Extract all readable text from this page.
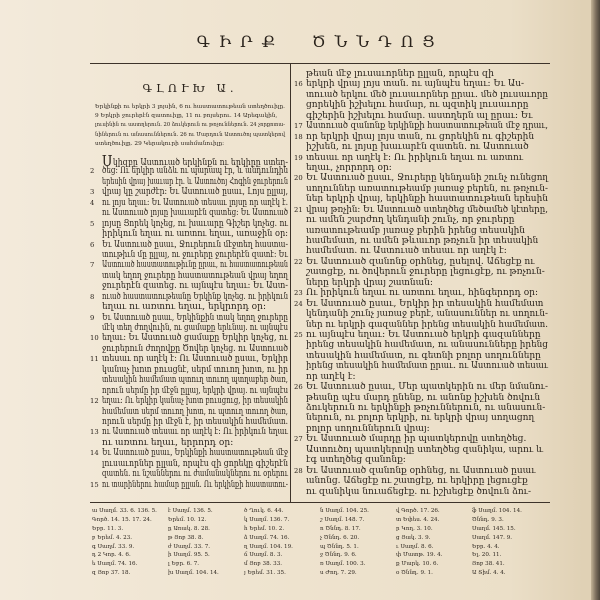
ԳԻՐՔ ԾՆՆԴՈՑ
ԳԼՈՒԽ Ա.
Երկինքի ու երկրի 3 լոյսին, 6 ու հաստատութեան ստեղծուիլը.
9 Երկրի ջուրերէն զատուիլը, 11 ու բոյսերու. 14 Արեգակին,
լուսինին ու աստղերուն. 20 ձուկերուն ու թռչուններուն. 24 չորքոտա-
նիներուն ու անասուններուն. 26 ու Մարդուն Աստուծոյ պատկերով
ստեղծուիլը. 29 Կերակուրի սահմանուիլը:
Սկիզբը Աստուած երկինքն ու երկիրը ստեղ-
2 ծեց: Ու երկիր անձև ու պարապ էր, և անդունդին
երեսին վրայ խաւար էր. և Աստուծոյ Հոգին ջուրերուն
3 վրայ կը շարժէր: Եւ Աստուած ըսաւ, Լոյս ըլլայ,
4 ու լոյս եղաւ: Եւ Աստուած տեսաւ լոյսը որ աղէկ է.
ու Աստուած լոյսը խաւարէն զատեց: Եւ Աստուած
5 լոյսը Ցորեկ կոչեց, ու խաւարը Գիշեր կոչեց. ու
իրիկուն եղաւ ու առտու եղաւ, առաջին օր:
6 Եւ Աստուած ըսաւ, Ջուրերուն մէջտեղ հաստա-
տութիւն մը ըլլայ, ու ջուրերը ջուրերէն զատէ: Եւ
7 Աստուած հաստատութիւնը ըրաւ, ու հաստատութեան
տակ եղող ջուրերը հաստատութեան վրայ եղող
ջուրերէն զատեց. ու այնպէս եղաւ: Եւ Աստ-
8 ուած հաստատութեանը Երկինք կոչեց. ու իրիկուն
եղաւ ու առտու եղաւ, երկրորդ օր:
9 Եւ Աստուած ըսաւ, Երկինքին տակ եղող ջուրերը
մէկ տեղ ժողվուին, ու ցամաքը երևնայ. ու այնպէս
10 եղաւ: Եւ Աստուած ցամաքը Երկիր կոչեց, ու
ջուրերուն ժողովքը Ծովեր կոչեց. ու Աստուած
11 տեսաւ որ աղէկ է: Ու Աստուած ըսաւ, Երկիր
կանաչ խոտ բուսցնէ, սերմ տուող խոտ, ու իր
տեսակին համեմատ պտուղ տուող պտղաբեր ծառ,
որուն սերմը իր մէջն ըլլայ, երկրի վրայ. ու այնպէս
12 եղաւ: Ու երկիր կանաչ խոտ բուսցուց, իր տեսակին
համեմատ սերմ տուող խոտ, ու պտուղ տուող ծառ,
որուն սերմը իր մէջն է, իր տեսակին համեմատ.
13 ու Աստուած տեսաւ որ աղէկ է: Ու իրիկուն եղաւ
ու առտու եղաւ, երրորդ օր:
14 Եւ Աստուած ըսաւ, Երկինքի հաստատութեան մէջ
լուսաւորներ ըլլան, որպէս զի ցորեկը գիշերէն
զատեն. ու նշաններու ու ժամանակներու ու օրերու
15 ու տարիներու համար ըլլան. Ու երկինքի հաստատու-
թեան մէջ լուսաւորներ ըլլան, որպէս զի
16 երկրի վրայ լոյս տան. ու այնպէս եղաւ: Եւ Աս-
տուած երկու մեծ լուսաւորներ ըրաւ. մեծ լուսաւորը
ցորեկին իշխելու համար, ու պզտիկ լուսաւորը
գիշերին իշխելու համար. աստղերն ալ ըրաւ: Եւ
17 Աստուած զանոնք երկինքի հաստատութեան մէջ դրաւ,
18 որ երկրի վրայ լոյս տան, ու ցորեկին ու գիշերին
իշխեն, ու լոյսը խաւարէն զատեն. ու Աստուած
19 տեսաւ որ աղէկ է: Ու իրիկուն եղաւ ու առտու
եղաւ, չորրորդ օր:
20 Եւ Աստուած ըսաւ, Ջուրերը կենդանի շունչ ունեցող
սողուններ առատութեամբ յառաջ բերեն, ու թռչուն-
ներ երկրի վրայ, երկինքի հաստատութեան երեսին
21 վրայ թռչին: Եւ Աստուած ստեղծեց մեծամեծ կէտերը,
ու ամեն շարժող կենդանի շունչ, որ ջուրերը
առատութեամբ յառաջ բերին իրենց տեսակին
համեմատ, ու ամեն թևաւոր թռչուն իր տեսակին
համեմատ. ու Աստուած տեսաւ որ աղէկ է:
22 Եւ Աստուած զանոնք օրհնեց, ըսելով. Աճեցէք ու
շատցէք, ու ծովերուն ջուրերը լեցուցէք, ու թռչուն-
ները երկրի վրայ շատնան:
23 Ու իրիկուն եղաւ ու առտու եղաւ, հինգերորդ օր:
24 Եւ Աստուած ըսաւ, Երկիր իր տեսակին համեմատ
կենդանի շունչ յառաջ բերէ, անասուններ ու սողուն-
ներ ու երկրի գազաններ իրենց տեսակին համեմատ.
25 ու այնպէս եղաւ: Եւ Աստուած երկրի գազանները
իրենց տեսակին համեմատ, ու անասունները իրենց
տեսակին համեմատ, ու գետնի բոլոր սողունները
իրենց տեսակին համեմատ ըրաւ. ու Աստուած տեսաւ
որ աղէկ է:
26 Եւ Աստուած ըսաւ, Մեր պատկերին ու մեր նմանու-
թեանը պէս մարդ ընենք, ու անոնք իշխեն ծովուն
ձուկերուն ու երկինքի թռչուններուն, ու անասուն-
ներուն, ու բոլոր երկրի, ու երկրի վրայ սողացող
բոլոր սողուններուն վրայ:
27 Եւ Աստուած մարդը իր պատկերովը ստեղծեց.
Աստուծոյ պատկերովը ստեղծեց զանիկա, արու և
էգ ստեղծեց զանոնք:
28 Եւ Աստուած զանոնք օրհնեց, ու Աստուած ըսաւ
անոնց. Աճեցէք ու շատցէք, ու երկիրը լեցուցէք
ու զանիկա նուաճեցէք. ու իշխեցէք ծովուն ձու-
ա Սաղմ. 33. 6. 136. 5.
Գործ. 14. 15. 17. 24.
Եբր. 11. 3.
բ Երեմ. 4. 23.
գ Սաղմ. 33. 9.
դ 2 Կոր. 4. 6.
ե Սաղմ. 74. 16.
զ Յոբ 37. 18.
է Սաղմ. 136. 5.
Երեմ. 10. 12.
ը Առակ. 8. 28.
թ Յոբ 38. 8.
ժ Սաղմ. 33. 7.
ի Սաղմ. 95. 5.
լ Եբր. 6. 7.
խ Սաղմ. 104. 14.
ծ Ղուկ. 6. 44.
կ Սաղմ. 136. 7.
հ Երեմ. 10. 2.
ձ Սաղմ. 74. 16.
ղ Սաղմ. 104. 19.
ճ Սաղմ. 8. 3.
մ Յոբ 38. 33.
յ Երեմ. 31. 35.
ն Սաղմ. 104. 25.
շ Սաղմ. 148. 7.
ո Ծննդ. 8. 17.
չ Ծննդ. 6. 20.
պ Ծննդ. 5. 1.
ջ Ծննդ. 9. 6.
ռ Սաղմ. 100. 3.
ս Ժող. 7. 29.
վ Գործ. 17. 26.
տ Եփես. 4. 24.
ր Կող. 3. 10.
ց Յակ. 3. 9.
ւ Սաղմ. 8. 6.
փ Մատթ. 19. 4.
ք Մարկ. 10. 6.
օ Ծննդ. 9. 1.
ֆ Սաղմ. 104. 14.
Ծննդ. 9. 3.
Սաղմ. 145. 15.
Սաղմ. 147. 9.
Եբր. 4. 4.
Ել. 20. 11.
Յոբ 38. 41.
Ա Տիմ. 4. 4.
